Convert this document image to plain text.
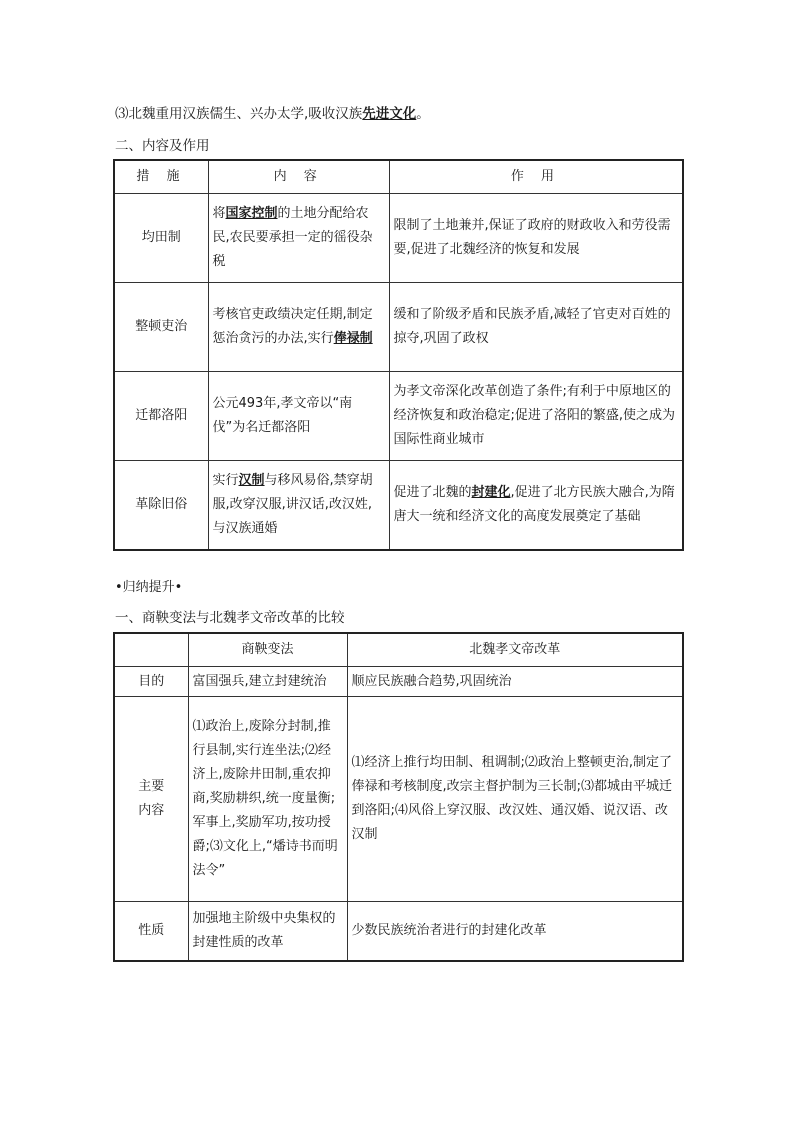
⑶北魏重用汉族儒生、兴办太学,吸收汉族先进文化。
二、内容及作用
措 施	内 容	作 用
均田制	将国家控制的土地分配给农民,农民要承担一定的徭役杂税	限制了土地兼并,保证了政府的财政收入和劳役需要,促进了北魏经济的恢复和发展
整顿吏治	考核官吏政绩决定任期,制定惩治贪污的办法,实行俸禄制	缓和了阶级矛盾和民族矛盾,减轻了官吏对百姓的掠夺,巩固了政权
迁都洛阳	公元493年,孝文帝以“南伐”为名迁都洛阳	为孝文帝深化改革创造了条件;有利于中原地区的经济恢复和政治稳定;促进了洛阳的繁盛,使之成为国际性商业城市
革除旧俗	实行汉制与移风易俗,禁穿胡服,改穿汉服,讲汉话,改汉姓,与汉族通婚	促进了北魏的封建化,促进了北方民族大融合,为隋唐大一统和经济文化的高度发展奠定了基础
•归纳提升•
一、商鞅变法与北魏孝文帝改革的比较
	商鞅变法	北魏孝文帝改革
目的	富国强兵,建立封建统治	顺应民族融合趋势,巩固统治
主要内容	⑴政治上,废除分封制,推行县制,实行连坐法;⑵经济上,废除井田制,重农抑商,奖励耕织,统一度量衡;军事上,奖励军功,按功授爵;⑶文化上,“燔诗书而明法令”	⑴经济上推行均田制、租调制;⑵政治上整顿吏治,制定了俸禄和考核制度,改宗主督护制为三长制;⑶都城由平城迁到洛阳;⑷风俗上穿汉服、改汉姓、通汉婚、说汉语、改汉制
性质	加强地主阶级中央集权的封建性质的改革	少数民族统治者进行的封建化改革
